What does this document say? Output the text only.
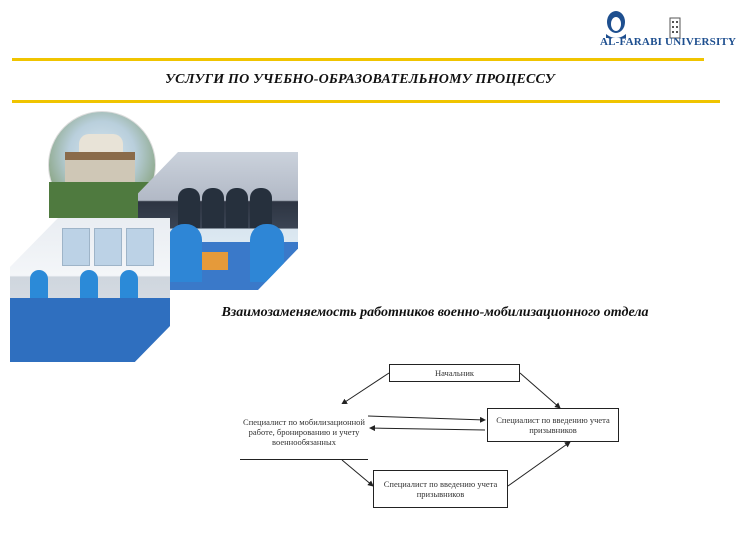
AL-FARABI UNIVERSITY
УСЛУГИ ПО УЧЕБНО-ОБРАЗОВАТЕЛЬНОМУ ПРОЦЕССУ
Взаимозаменяемость работников военно-мобилизационного отдела
Начальник
Специалист по мобилизационной работе, бронированию и учету военнообязанных
Специалист по введению учета призывников
Специалист по введению учета призывников
